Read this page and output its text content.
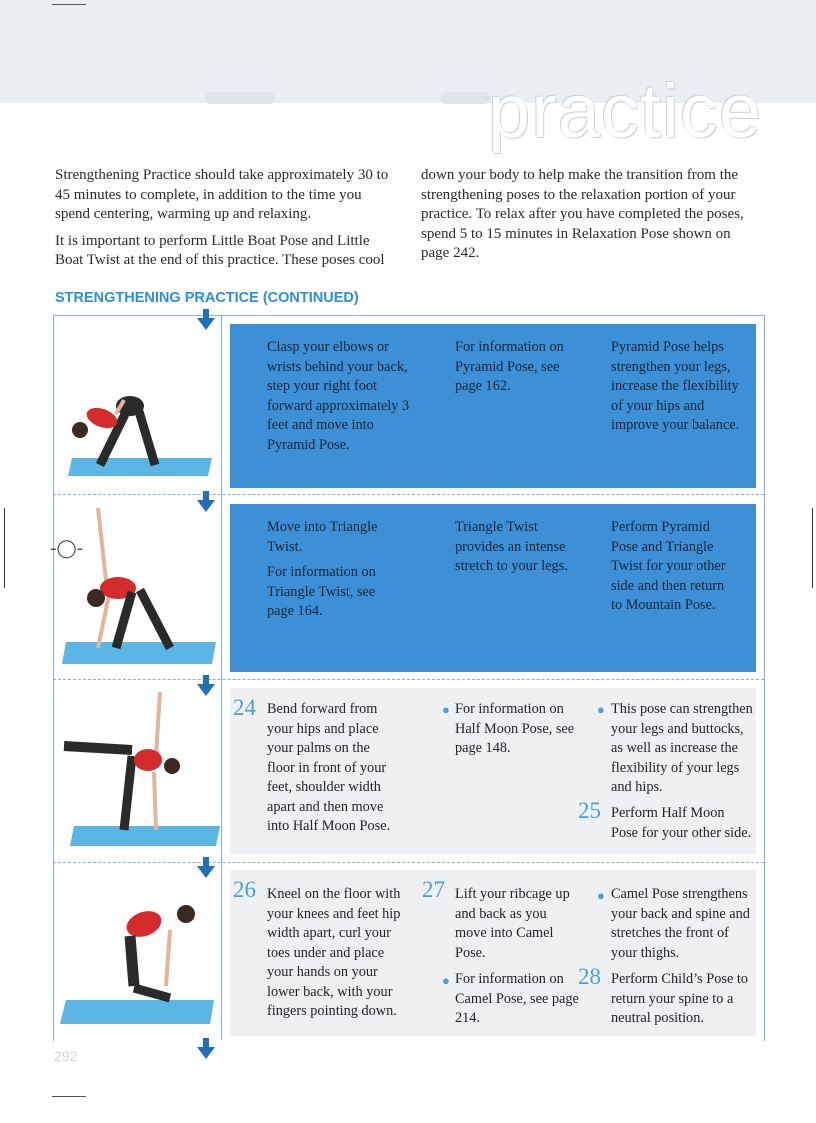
practice

Strengthening Practice should take approximately 30 to 45 minutes to complete, in addition to the time you spend centering, warming up and relaxing.

It is important to perform Little Boat Pose and Little Boat Twist at the end of this practice. These poses cool

down your body to help make the transition from the strengthening poses to the relaxation portion of your practice. To relax after you have completed the poses, spend 5 to 15 minutes in Relaxation Pose shown on page 242.

STRENGTHENING PRACTICE (CONTINUED)
-◯-

Clasp your elbows or wrists behind your back, step your right foot forward approximately 3 feet and move into Pyramid Pose.

For information on Pyramid Pose, see page 162.

Pyramid Pose helps strengthen your legs, increase the flexibility of your hips and improve your balance.

Move into Triangle Twist.

For information on Triangle Twist, see page 164.

Triangle Twist provides an intense stretch to your legs.

Perform Pyramid Pose and Triangle Twist for your other side and then return to Mountain Pose.

24 Bend forward from your hips and place your palms on the floor in front of your feet, shoulder width apart and then move into Half Moon Pose.

● For information on Half Moon Pose, see page 148.

● This pose can strengthen your legs and buttocks, as well as increase the flexibility of your legs and hips.

25 Perform Half Moon Pose for your other side.

26 Kneel on the floor with your knees and feet hip width apart, curl your toes under and place your hands on your lower back, with your fingers pointing down.

27 Lift your ribcage up and back as you move into Camel Pose.

● For information on Camel Pose, see page 214.

● Camel Pose strengthens your back and spine and stretches the front of your thighs.

28 Perform Child’s Pose to return your spine to a neutral position.

292
